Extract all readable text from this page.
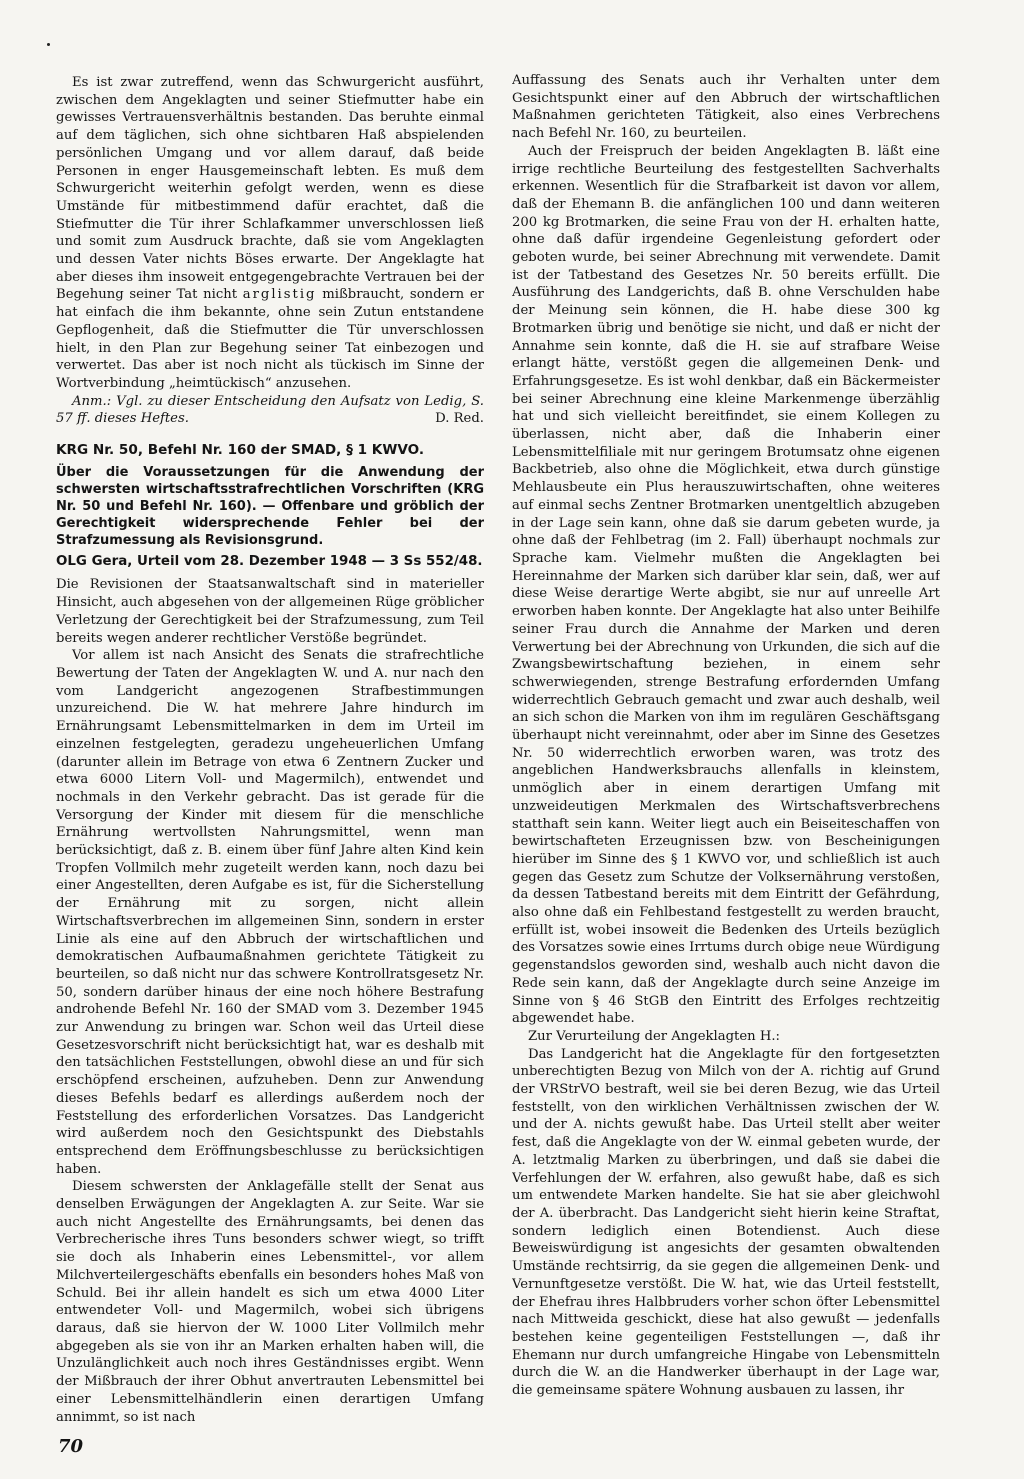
Es ist zwar zutreffend, wenn das Schwurgericht ausführt, zwischen dem Angeklagten und seiner Stiefmutter habe ein gewisses Vertrauensverhältnis bestanden. Das beruhte einmal auf dem täglichen, sich ohne sichtbaren Haß abspielenden persönlichen Umgang und vor allem darauf, daß beide Personen in enger Hausgemeinschaft lebten. Es muß dem Schwurgericht weiterhin gefolgt werden, wenn es diese Umstände für mitbestimmend dafür erachtet, daß die Stiefmutter die Tür ihrer Schlafkammer unverschlossen ließ und somit zum Ausdruck brachte, daß sie vom Angeklagten und dessen Vater nichts Böses erwarte. Der Angeklagte hat aber dieses ihm insoweit entgegengebrachte Vertrauen bei der Begehung seiner Tat nicht arglistig mißbraucht, sondern er hat einfach die ihm bekannte, ohne sein Zutun entstandene Gepflogenheit, daß die Stiefmutter die Tür unverschlossen hielt, in den Plan zur Begehung seiner Tat einbezogen und verwertet. Das aber ist noch nicht als tückisch im Sinne der Wortverbindung „heimtückisch“ anzusehen.

Anm.: Vgl. zu dieser Entscheidung den Aufsatz von Ledig, S. 57 ff. dieses Heftes.	D. Red.

KRG Nr. 50, Befehl Nr. 160 der SMAD, § 1 KWVO.
Über die Voraussetzungen für die Anwendung der schwersten wirtschaftsstrafrechtlichen Vorschriften (KRG Nr. 50 und Befehl Nr. 160). — Offenbare und gröblich der Gerechtigkeit widersprechende Fehler bei der Strafzumessung als Revisionsgrund.
OLG Gera, Urteil vom 28. Dezember 1948 — 3 Ss 552/48.

Die Revisionen der Staatsanwaltschaft sind in materieller Hinsicht, auch abgesehen von der allgemeinen Rüge gröblicher Verletzung der Gerechtigkeit bei der Strafzumessung, zum Teil bereits wegen anderer rechtlicher Verstöße begründet.

Vor allem ist nach Ansicht des Senats die strafrechtliche Bewertung der Taten der Angeklagten W. und A. nur nach den vom Landgericht angezogenen Strafbestimmungen unzureichend. Die W. hat mehrere Jahre hindurch im Ernährungsamt Lebensmittelmarken in dem im Urteil im einzelnen festgelegten, geradezu ungeheuerlichen Umfang (darunter allein im Betrage von etwa 6 Zentnern Zucker und etwa 6000 Litern Voll- und Magermilch), entwendet und nochmals in den Verkehr gebracht. Das ist gerade für die Versorgung der Kinder mit diesem für die menschliche Ernährung wertvollsten Nahrungsmittel, wenn man berücksichtigt, daß z. B. einem über fünf Jahre alten Kind kein Tropfen Vollmilch mehr zugeteilt werden kann, noch dazu bei einer Angestellten, deren Aufgabe es ist, für die Sicherstellung der Ernährung mit zu sorgen, nicht allein Wirtschaftsverbrechen im allgemeinen Sinn, sondern in erster Linie als eine auf den Abbruch der wirtschaftlichen und demokratischen Aufbaumaßnahmen gerichtete Tätigkeit zu beurteilen, so daß nicht nur das schwere Kontrollratsgesetz Nr. 50, sondern darüber hinaus der eine noch höhere Bestrafung androhende Befehl Nr. 160 der SMAD vom 3. Dezember 1945 zur Anwendung zu bringen war. Schon weil das Urteil diese Gesetzesvorschrift nicht berücksichtigt hat, war es deshalb mit den tatsächlichen Feststellungen, obwohl diese an und für sich erschöpfend erscheinen, aufzuheben. Denn zur Anwendung dieses Befehls bedarf es allerdings außerdem noch der Feststellung des erforderlichen Vorsatzes. Das Landgericht wird außerdem noch den Gesichtspunkt des Diebstahls entsprechend dem Eröffnungsbeschlusse zu berücksichtigen haben.

Diesem schwersten der Anklagefälle stellt der Senat aus denselben Erwägungen der Angeklagten A. zur Seite. War sie auch nicht Angestellte des Ernährungsamts, bei denen das Verbrecherische ihres Tuns besonders schwer wiegt, so trifft sie doch als Inhaberin eines Lebensmittel-, vor allem Milchverteilergeschäfts ebenfalls ein besonders hohes Maß von Schuld. Bei ihr allein handelt es sich um etwa 4000 Liter entwendeter Voll- und Magermilch, wobei sich übrigens daraus, daß sie hiervon der W. 1000 Liter Vollmilch mehr abgegeben als sie von ihr an Marken erhalten haben will, die Unzulänglichkeit auch noch ihres Geständnisses ergibt. Wenn der Mißbrauch der ihrer Obhut anvertrauten Lebensmittel bei einer Lebensmittelhändlerin einen derartigen Umfang annimmt, so ist nach

Auffassung des Senats auch ihr Verhalten unter dem Gesichtspunkt einer auf den Abbruch der wirtschaftlichen Maßnahmen gerichteten Tätigkeit, also eines Verbrechens nach Befehl Nr. 160, zu beurteilen.

Auch der Freispruch der beiden Angeklagten B. läßt eine irrige rechtliche Beurteilung des festgestellten Sachverhalts erkennen. Wesentlich für die Strafbarkeit ist davon vor allem, daß der Ehemann B. die anfänglichen 100 und dann weiteren 200 kg Brotmarken, die seine Frau von der H. erhalten hatte, ohne daß dafür irgendeine Gegenleistung gefordert oder geboten wurde, bei seiner Abrechnung mit verwendete. Damit ist der Tatbestand des Gesetzes Nr. 50 bereits erfüllt. Die Ausführung des Landgerichts, daß B. ohne Verschulden habe der Meinung sein können, die H. habe diese 300 kg Brotmarken übrig und benötige sie nicht, und daß er nicht der Annahme sein konnte, daß die H. sie auf strafbare Weise erlangt hätte, verstößt gegen die allgemeinen Denk- und Erfahrungsgesetze. Es ist wohl denkbar, daß ein Bäckermeister bei seiner Abrechnung eine kleine Markenmenge überzählig hat und sich vielleicht bereitfindet, sie einem Kollegen zu überlassen, nicht aber, daß die Inhaberin einer Lebensmittelfiliale mit nur geringem Brotumsatz ohne eigenen Backbetrieb, also ohne die Möglichkeit, etwa durch günstige Mehlausbeute ein Plus herauszuwirtschaften, ohne weiteres auf einmal sechs Zentner Brotmarken unentgeltlich abzugeben in der Lage sein kann, ohne daß sie darum gebeten wurde, ja ohne daß der Fehlbetrag (im 2. Fall) überhaupt nochmals zur Sprache kam. Vielmehr mußten die Angeklagten bei Hereinnahme der Marken sich darüber klar sein, daß, wer auf diese Weise derartige Werte abgibt, sie nur auf unreelle Art erworben haben konnte. Der Angeklagte hat also unter Beihilfe seiner Frau durch die Annahme der Marken und deren Verwertung bei der Abrechnung von Urkunden, die sich auf die Zwangsbewirtschaftung beziehen, in einem sehr schwerwiegenden, strenge Bestrafung erfordernden Umfang widerrechtlich Gebrauch gemacht und zwar auch deshalb, weil an sich schon die Marken von ihm im regulären Geschäftsgang überhaupt nicht vereinnahmt, oder aber im Sinne des Gesetzes Nr. 50 widerrechtlich erworben waren, was trotz des angeblichen Handwerksbrauchs allenfalls in kleinstem, unmöglich aber in einem derartigen Umfang mit unzweideutigen Merkmalen des Wirtschaftsverbrechens statthaft sein kann. Weiter liegt auch ein Beiseiteschaffen von bewirtschafteten Erzeugnissen bzw. von Bescheinigungen hierüber im Sinne des § 1 KWVO vor, und schließlich ist auch gegen das Gesetz zum Schutze der Volksernährung verstoßen, da dessen Tatbestand bereits mit dem Eintritt der Gefährdung, also ohne daß ein Fehlbestand festgestellt zu werden braucht, erfüllt ist, wobei insoweit die Bedenken des Urteils bezüglich des Vorsatzes sowie eines Irrtums durch obige neue Würdigung gegenstandslos geworden sind, weshalb auch nicht davon die Rede sein kann, daß der Angeklagte durch seine Anzeige im Sinne von § 46 StGB den Eintritt des Erfolges rechtzeitig abgewendet habe.

Zur Verurteilung der Angeklagten H.:

Das Landgericht hat die Angeklagte für den fortgesetzten unberechtigten Bezug von Milch von der A. richtig auf Grund der VRStrVO bestraft, weil sie bei deren Bezug, wie das Urteil feststellt, von den wirklichen Verhältnissen zwischen der W. und der A. nichts gewußt habe. Das Urteil stellt aber weiter fest, daß die Angeklagte von der W. einmal gebeten wurde, der A. letztmalig Marken zu überbringen, und daß sie dabei die Verfehlungen der W. erfahren, also gewußt habe, daß es sich um entwendete Marken handelte. Sie hat sie aber gleichwohl der A. überbracht. Das Landgericht sieht hierin keine Straftat, sondern lediglich einen Botendienst. Auch diese Beweiswürdigung ist angesichts der gesamten obwaltenden Umstände rechtsirrig, da sie gegen die allgemeinen Denk- und Vernunftgesetze verstößt. Die W. hat, wie das Urteil feststellt, der Ehefrau ihres Halbbruders vorher schon öfter Lebensmittel nach Mittweida geschickt, diese hat also gewußt — jedenfalls bestehen keine gegenteiligen Feststellungen —, daß ihr Ehemann nur durch umfangreiche Hingabe von Lebensmitteln durch die W. an die Handwerker überhaupt in der Lage war, die gemeinsame spätere Wohnung ausbauen zu lassen, ihr

70
